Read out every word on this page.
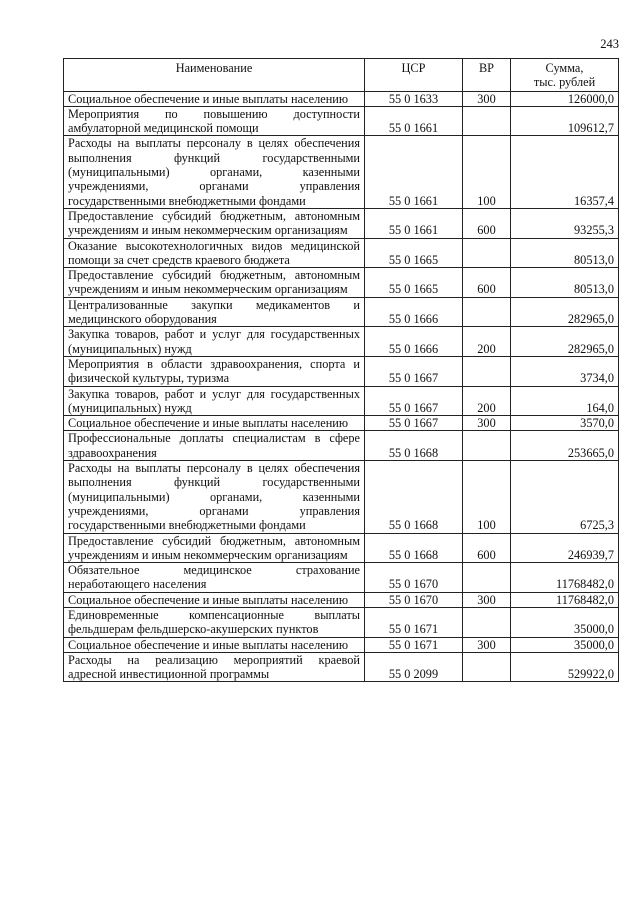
243
Наименование	ЦСР	ВР	Сумма,
тыс. рублей

Социальное обеспечение и иные выплаты населению	55 0 1633	300	126000,0
Мероприятия по повышению доступности амбулаторной медицинской помощи	55 0 1661		109612,7
Расходы на выплаты персоналу в целях обеспечения выполнения функций государственными (муниципальными) органами, казенными учреждениями, органами управления государственными внебюджетными фондами	55 0 1661	100	16357,4
Предоставление субсидий бюджетным, автономным учреждениям и иным некоммерческим организациям	55 0 1661	600	93255,3
Оказание высокотехнологичных видов медицинской помощи за счет средств краевого бюджета	55 0 1665		80513,0
Предоставление субсидий бюджетным, автономным учреждениям и иным некоммерческим организациям	55 0 1665	600	80513,0
Централизованные закупки медикаментов и медицинского оборудования	55 0 1666		282965,0
Закупка товаров, работ и услуг для государственных (муниципальных) нужд	55 0 1666	200	282965,0
Мероприятия в области здравоохранения, спорта и физической культуры, туризма	55 0 1667		3734,0
Закупка товаров, работ и услуг для государственных (муниципальных) нужд	55 0 1667	200	164,0
Социальное обеспечение и иные выплаты населению	55 0 1667	300	3570,0
Профессиональные доплаты специалистам в сфере здравоохранения	55 0 1668		253665,0
Расходы на выплаты персоналу в целях обеспечения выполнения функций государственными (муниципальными) органами, казенными учреждениями, органами управления государственными внебюджетными фондами	55 0 1668	100	6725,3
Предоставление субсидий бюджетным, автономным учреждениям и иным некоммерческим организациям	55 0 1668	600	246939,7
Обязательное медицинское страхование неработающего населения	55 0 1670		11768482,0
Социальное обеспечение и иные выплаты населению	55 0 1670	300	11768482,0
Единовременные компенсационные выплаты фельдшерам фельдшерско-акушерских пунктов	55 0 1671		35000,0
Социальное обеспечение и иные выплаты населению	55 0 1671	300	35000,0
Расходы на реализацию мероприятий краевой адресной инвестиционной программы	55 0 2099		529922,0
